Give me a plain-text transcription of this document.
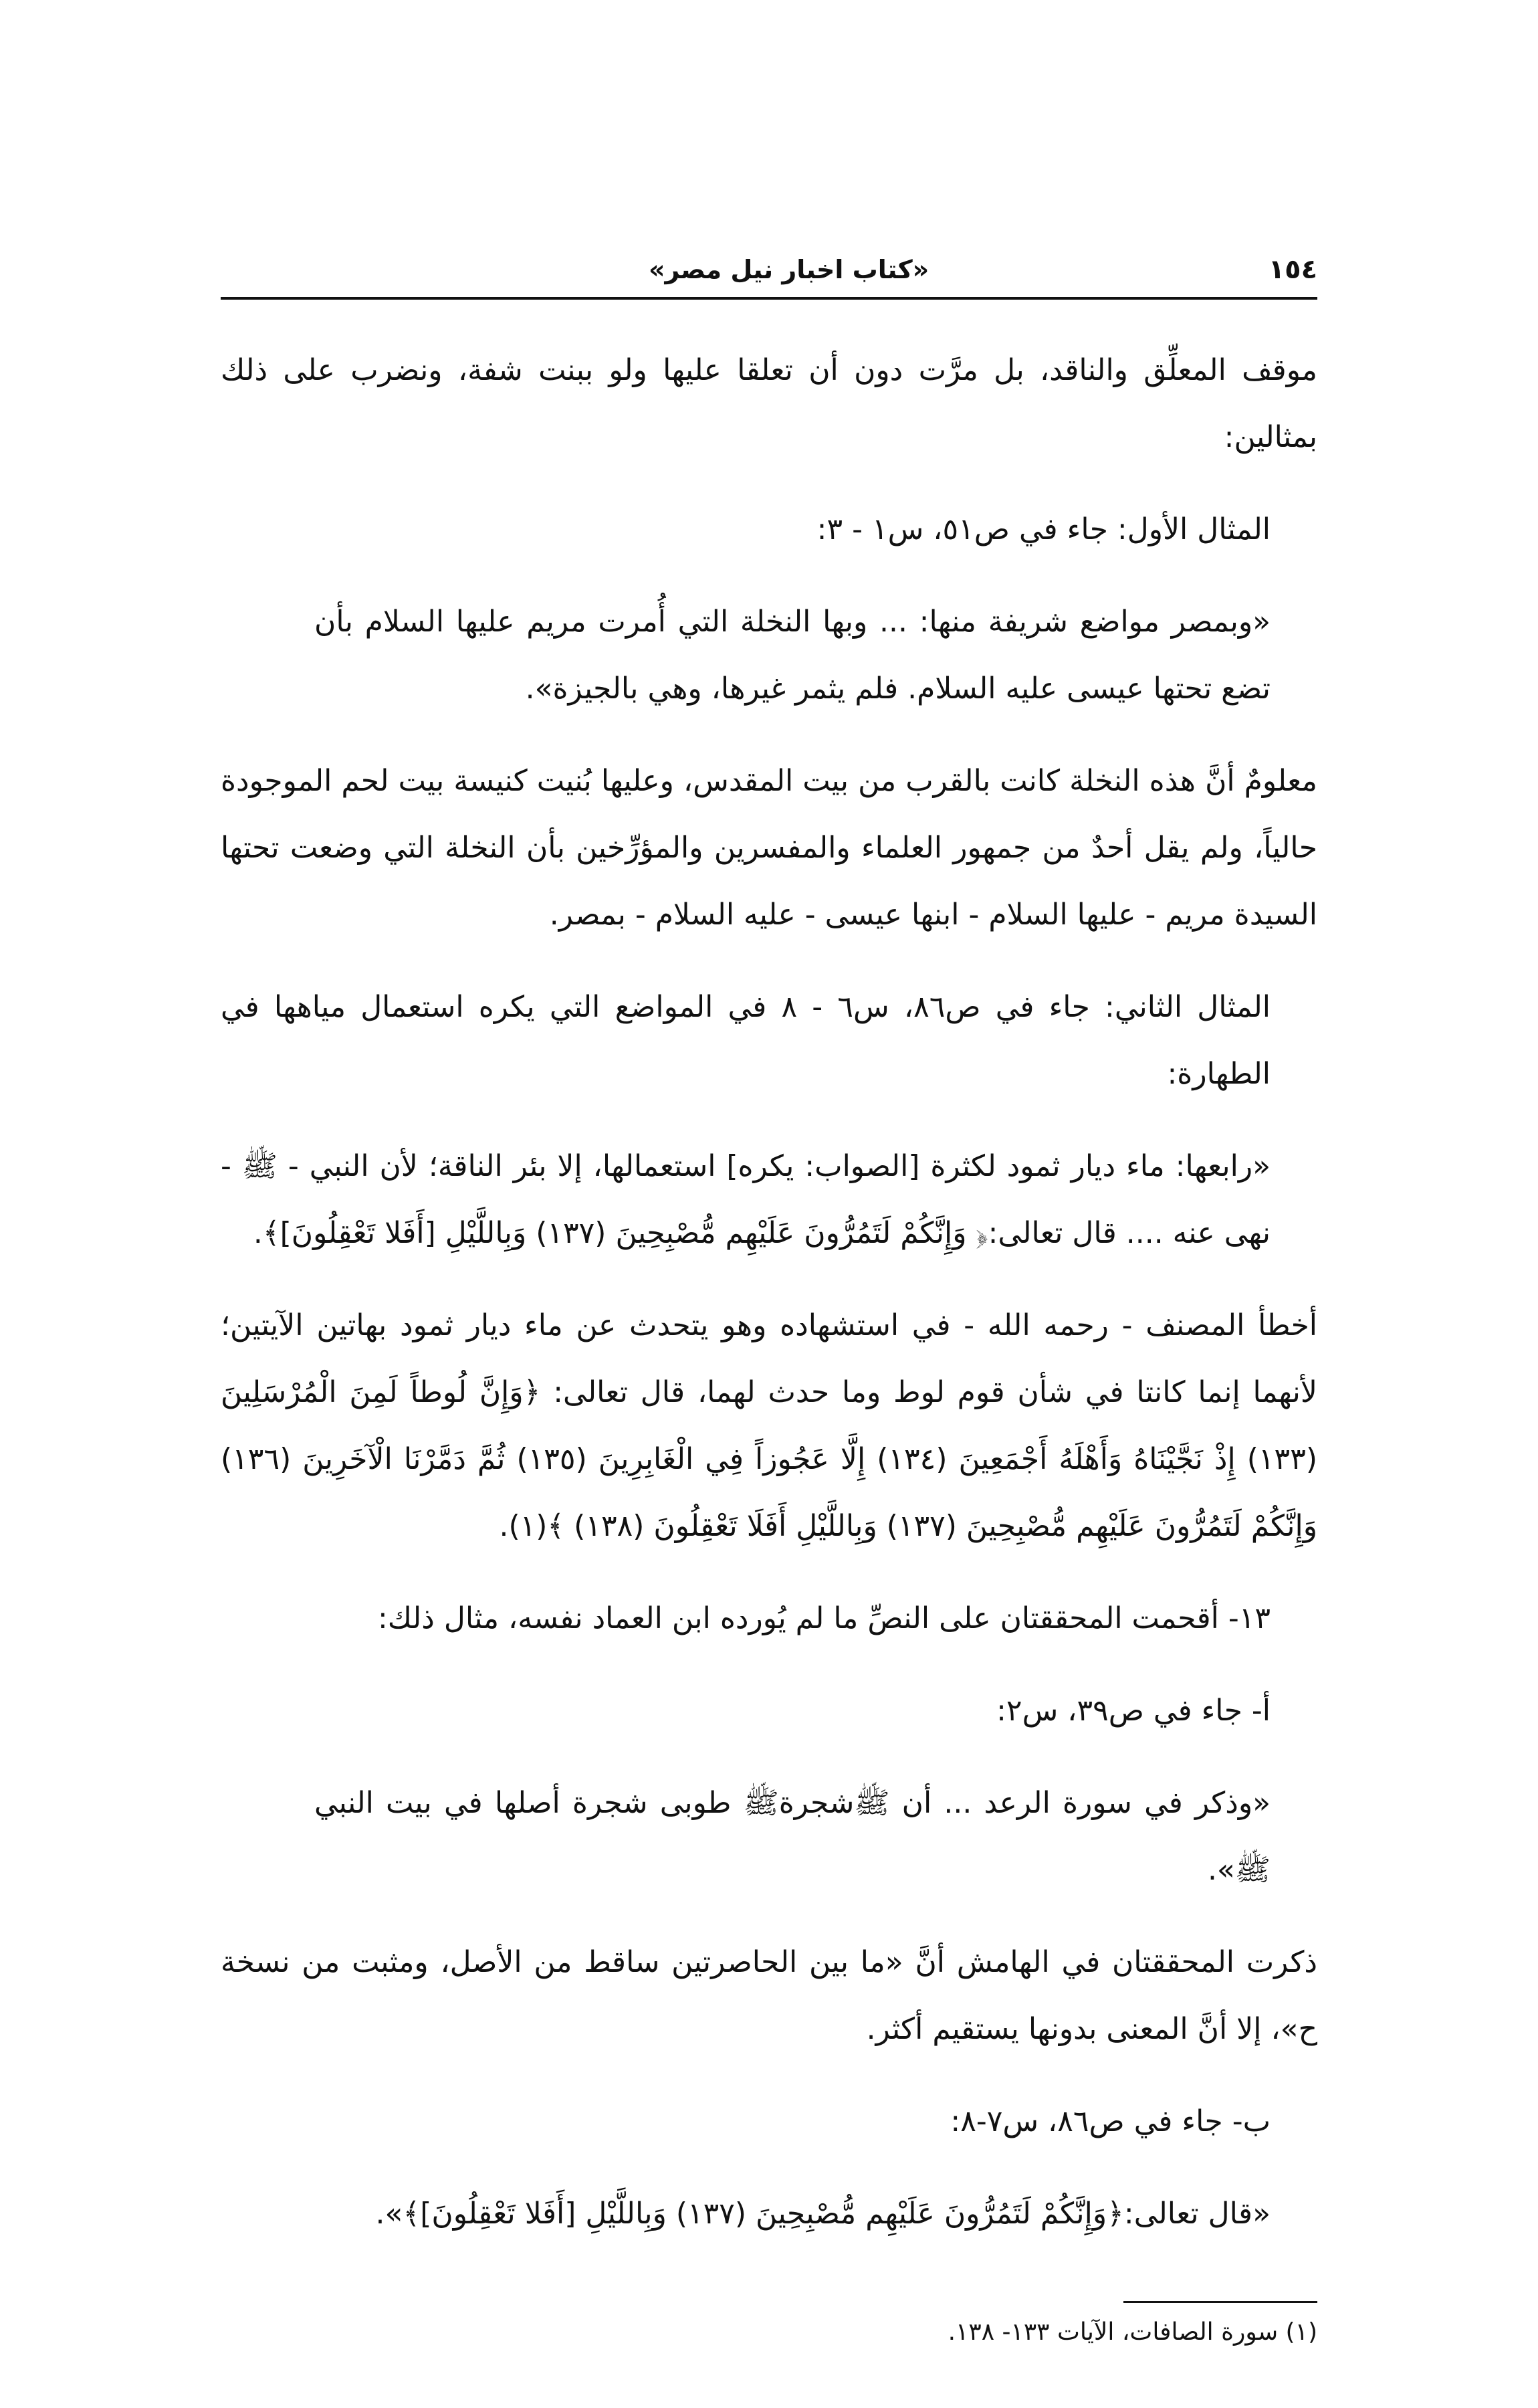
١٥٤
«كتاب اخبار نيل مصر»

موقف المعلِّق والناقد، بل مرَّت دون أن تعلقا عليها ولو ببنت شفة، ونضرب على ذلك بمثالين:

المثال الأول: جاء في ص٥١، س١ - ٣:

«وبمصر مواضع شريفة منها: ... وبها النخلة التي أُمرت مريم عليها السلام بأن تضع تحتها عيسى عليه السلام. فلم يثمر غيرها، وهي بالجيزة».

معلومٌ أنَّ هذه النخلة كانت بالقرب من بيت المقدس، وعليها بُنيت كنيسة بيت لحم الموجودة حالياً، ولم يقل أحدٌ من جمهور العلماء والمفسرين والمؤرِّخين بأن النخلة التي وضعت تحتها السيدة مريم - عليها السلام - ابنها عيسى - عليه السلام - بمصر.

المثال الثاني: جاء في ص٨٦، س٦ - ٨ في المواضع التي يكره استعمال مياهها في الطهارة:

«رابعها: ماء ديار ثمود لكثرة [الصواب: يكره] استعمالها، إلا بئر الناقة؛ لأن النبي - ﷺ - نهى عنه .... قال تعالى:﴿ وَإِنَّكُمْ لَتَمُرُّونَ عَلَيْهِم مُّصْبِحِينَ (١٣٧) وَبِاللَّيْلِ [أَفَلا تَعْقِلُونَ]﴾.

أخطأ المصنف - رحمه الله - في استشهاده وهو يتحدث عن ماء ديار ثمود بهاتين الآيتين؛ لأنهما إنما كانتا في شأن قوم لوط وما حدث لهما، قال تعالى: ﴿وَإِنَّ لُوطاً لَمِنَ الْمُرْسَلِينَ (١٣٣) إِذْ نَجَّيْنَاهُ وَأَهْلَهُ أَجْمَعِينَ (١٣٤) إِلَّا عَجُوزاً فِي الْغَابِرِينَ (١٣٥) ثُمَّ دَمَّرْنَا الْآخَرِينَ (١٣٦) وَإِنَّكُمْ لَتَمُرُّونَ عَلَيْهِم مُّصْبِحِينَ (١٣٧) وَبِاللَّيْلِ أَفَلَا تَعْقِلُونَ (١٣٨) ﴾(١).

١٣- أقحمت المحققتان على النصِّ ما لم يُورده ابن العماد نفسه، مثال ذلك:

أ- جاء في ص٣٩، س٢:

«وذكر في سورة الرعد ... أن ﷺشجرةﷺ طوبى شجرة أصلها في بيت النبي ﷺ».

ذكرت المحققتان في الهامش أنَّ «ما بين الحاصرتين ساقط من الأصل، ومثبت من نسخة ح»، إلا أنَّ المعنى بدونها يستقيم أكثر.

ب- جاء في ص٨٦، س٧-٨:

«قال تعالى:﴿وَإِنَّكُمْ لَتَمُرُّونَ عَلَيْهِم مُّصْبِحِينَ (١٣٧) وَبِاللَّيْلِ [أَفَلا تَعْقِلُونَ]﴾».

(١) سورة الصافات، الآيات ١٣٣- ١٣٨.
